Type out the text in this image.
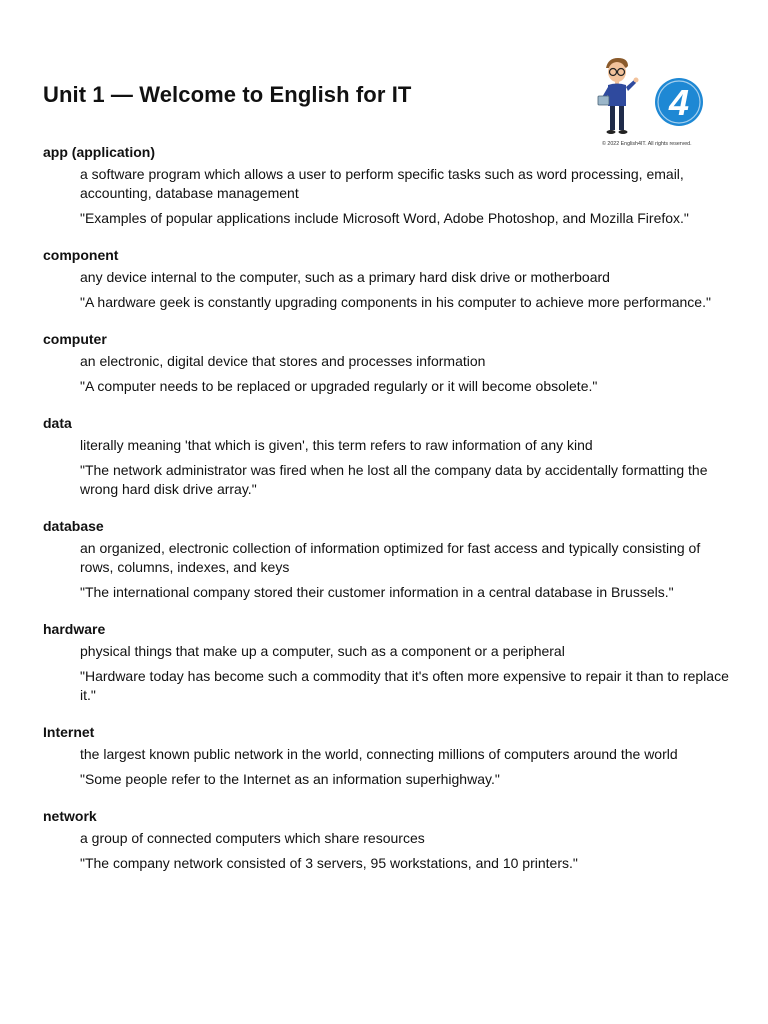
Unit 1 — Welcome to English for IT	4
© 2022 English4IT. All rights reserved.
app (application)
a software program which allows a user to perform specific tasks such as word processing, email, accounting, database management
"Examples of popular applications include Microsoft Word, Adobe Photoshop, and Mozilla Firefox."
component
any device internal to the computer, such as a primary hard disk drive or motherboard
"A hardware geek is constantly upgrading components in his computer to achieve more performance."
computer
an electronic, digital device that stores and processes information
"A computer needs to be replaced or upgraded regularly or it will become obsolete."
data
literally meaning 'that which is given', this term refers to raw information of any kind
"The network administrator was fired when he lost all the company data by accidentally formatting the wrong hard disk drive array."
database
an organized, electronic collection of information optimized for fast access and typically consisting of rows, columns, indexes, and keys
"The international company stored their customer information in a central database in Brussels."
hardware
physical things that make up a computer, such as a component or a peripheral
"Hardware today has become such a commodity that it's often more expensive to repair it than to replace it."
Internet
the largest known public network in the world, connecting millions of computers around the world
"Some people refer to the Internet as an information superhighway."
network
a group of connected computers which share resources
"The company network consisted of 3 servers, 95 workstations, and 10 printers."
